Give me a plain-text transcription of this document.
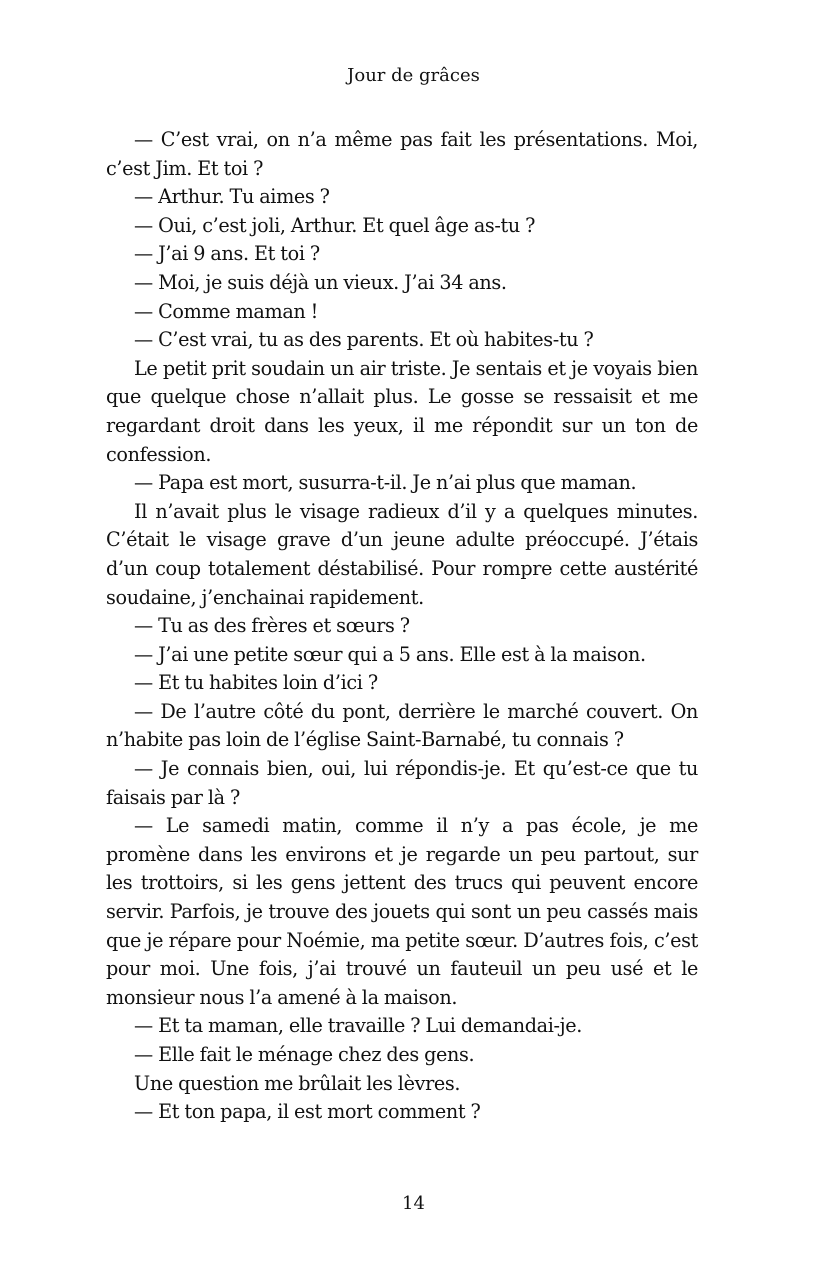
Jour de grâces

— C’est vrai, on n’a même pas fait les présentations. Moi, c’est Jim. Et toi ?

— Arthur. Tu aimes ?

— Oui, c’est joli, Arthur. Et quel âge as-tu ?

— J’ai 9 ans. Et toi ?

— Moi, je suis déjà un vieux. J’ai 34 ans.

— Comme maman !

— C’est vrai, tu as des parents. Et où habites-tu ?

Le petit prit soudain un air triste. Je sentais et je voyais bien que quelque chose n’allait plus. Le gosse se ressaisit et me regardant droit dans les yeux, il me répondit sur un ton de confession.

— Papa est mort, susurra-t-il. Je n’ai plus que maman.

Il n’avait plus le visage radieux d’il y a quelques minutes. C’était le visage grave d’un jeune adulte préoccupé. J’étais d’un coup totalement déstabilisé. Pour rompre cette austérité soudaine, j’enchainai rapidement.

— Tu as des frères et sœurs ?

— J’ai une petite sœur qui a 5 ans. Elle est à la maison.

— Et tu habites loin d’ici ?

— De l’autre côté du pont, derrière le marché couvert. On n’habite pas loin de l’église Saint-Barnabé, tu connais ?

— Je connais bien, oui, lui répondis-je. Et qu’est-ce que tu faisais par là ?

— Le samedi matin, comme il n’y a pas école, je me promène dans les environs et je regarde un peu partout, sur les trottoirs, si les gens jettent des trucs qui peuvent encore servir. Parfois, je trouve des jouets qui sont un peu cassés mais que je répare pour Noémie, ma petite sœur. D’autres fois, c’est pour moi. Une fois, j’ai trouvé un fauteuil un peu usé et le monsieur nous l’a amené à la maison.

— Et ta maman, elle travaille ? Lui demandai-je.

— Elle fait le ménage chez des gens.

Une question me brûlait les lèvres.

— Et ton papa, il est mort comment ?

14
